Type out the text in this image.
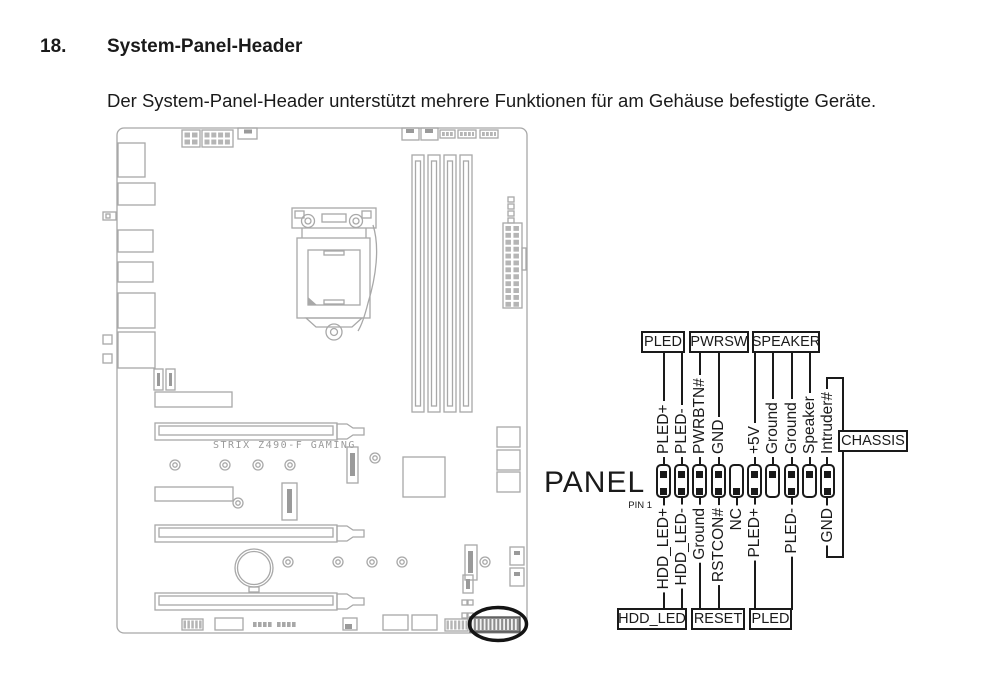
18. System-Panel-Header

Der System-Panel-Header unterstützt mehrere Funktionen für am Gehäuse befestigte Geräte.

STRIX Z490-F GAMING
PANEL
PIN 1
PLED PWRSW SPEAKER
CHASSIS
HDD_LED RESET PLED
PLED+ PLED- PWRBTN# GND +5V Ground Ground Speaker Intruder#
HDD_LED+ HDD_LED- Ground RSTCON# NC PLED+ PLED- GND
